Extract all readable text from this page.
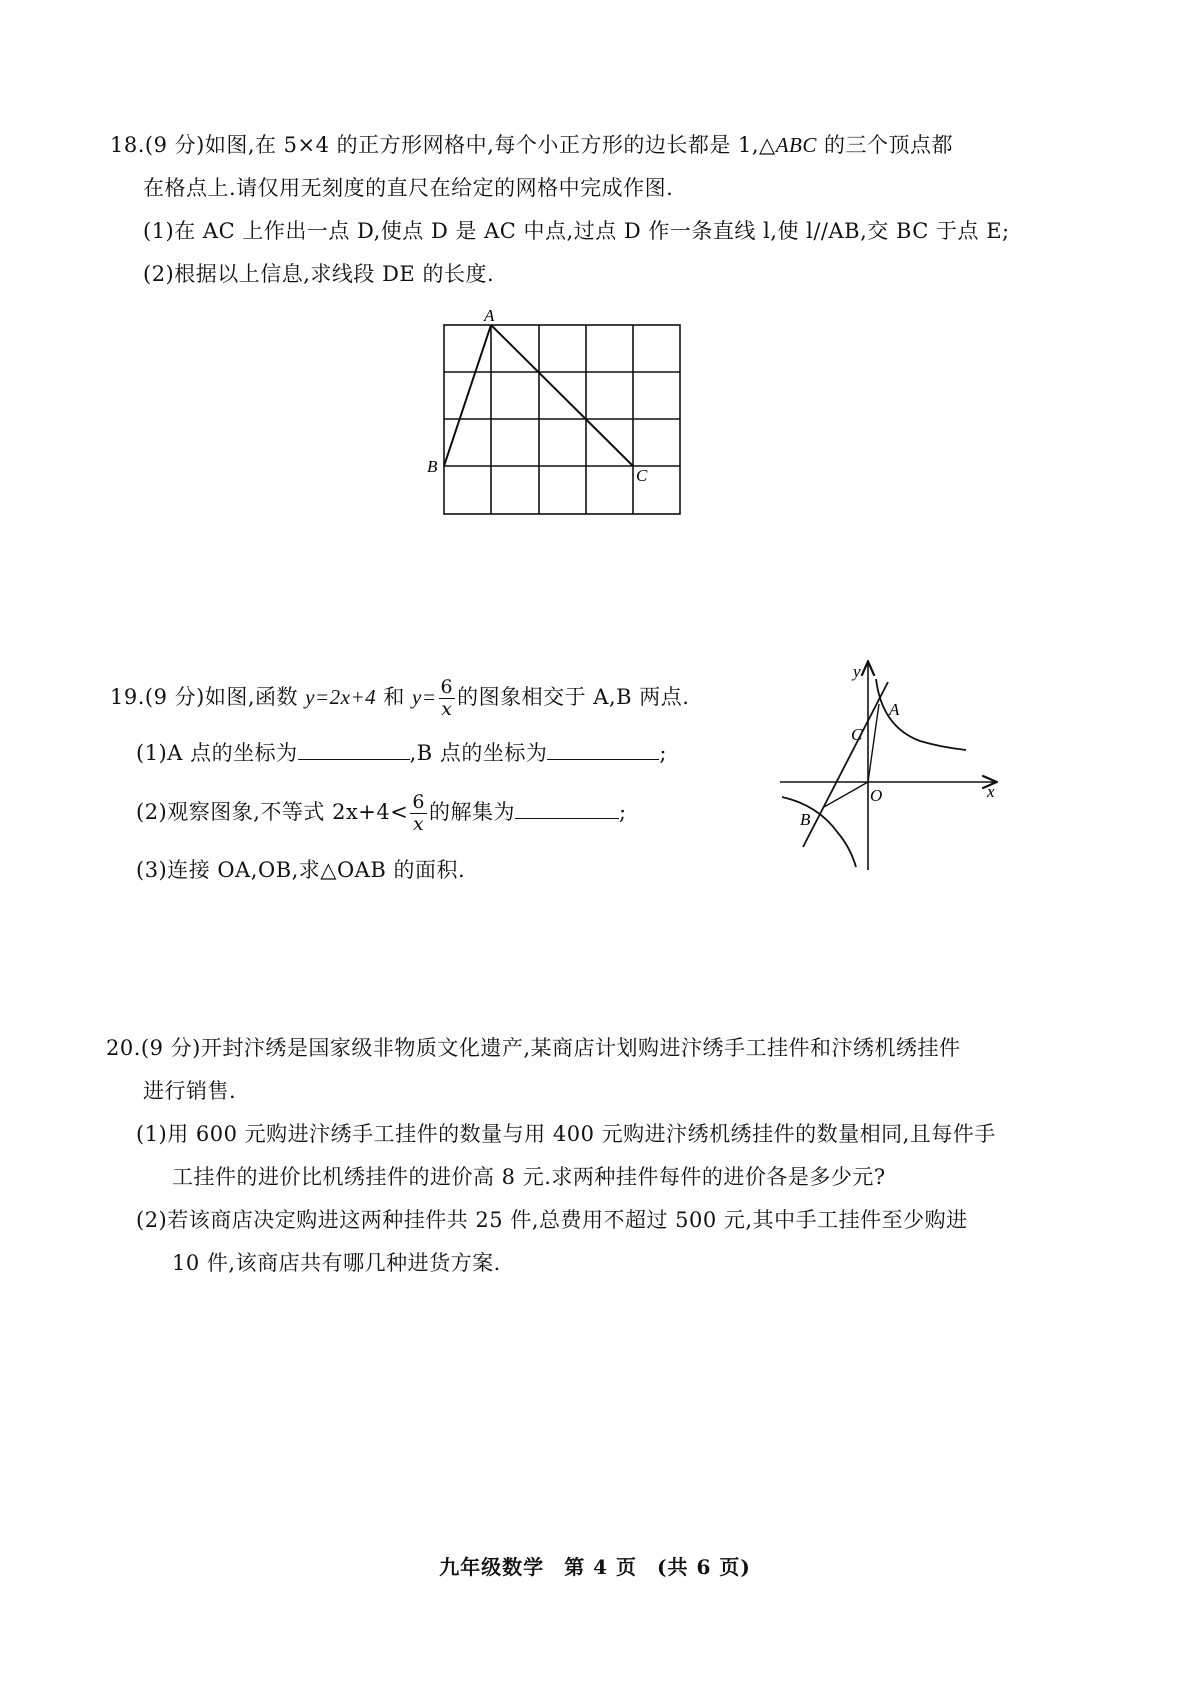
18.(9 分)如图,在 5×4 的正方形网格中,每个小正方形的边长都是 1,△ABC 的三个顶点都
在格点上.请仅用无刻度的直尺在给定的网格中完成作图.
(1)在 AC 上作出一点 D,使点 D 是 AC 中点,过点 D 作一条直线 l,使 l//AB,交 BC 于点 E;
(2)根据以上信息,求线段 DE 的长度.
A
B	C
19.(9 分)如图,函数 y=2x+4 和 $y= \frac{6}{x}$ 的图象相交于 A,B 两点.
(1)A 点的坐标为	,B 点的坐标为	;
(2)观察图象,不等式 $2x+4< \frac{6}{x}$ 的解集为	;
(3)连接 OA,OB,求△OAB 的面积.
y
x
O
A
C
B
20.(9 分)开封汴绣是国家级非物质文化遗产,某商店计划购进汴绣手工挂件和汴绣机绣挂件
进行销售.
(1)用 600 元购进汴绣手工挂件的数量与用 400 元购进汴绣机绣挂件的数量相同,且每件手
工挂件的进价比机绣挂件的进价高 8 元.求两种挂件每件的进价各是多少元?
(2)若该商店决定购进这两种挂件共 25 件,总费用不超过 500 元,其中手工挂件至少购进
10 件,该商店共有哪几种进货方案.
九年级数学 第 4 页 (共 6 页)
